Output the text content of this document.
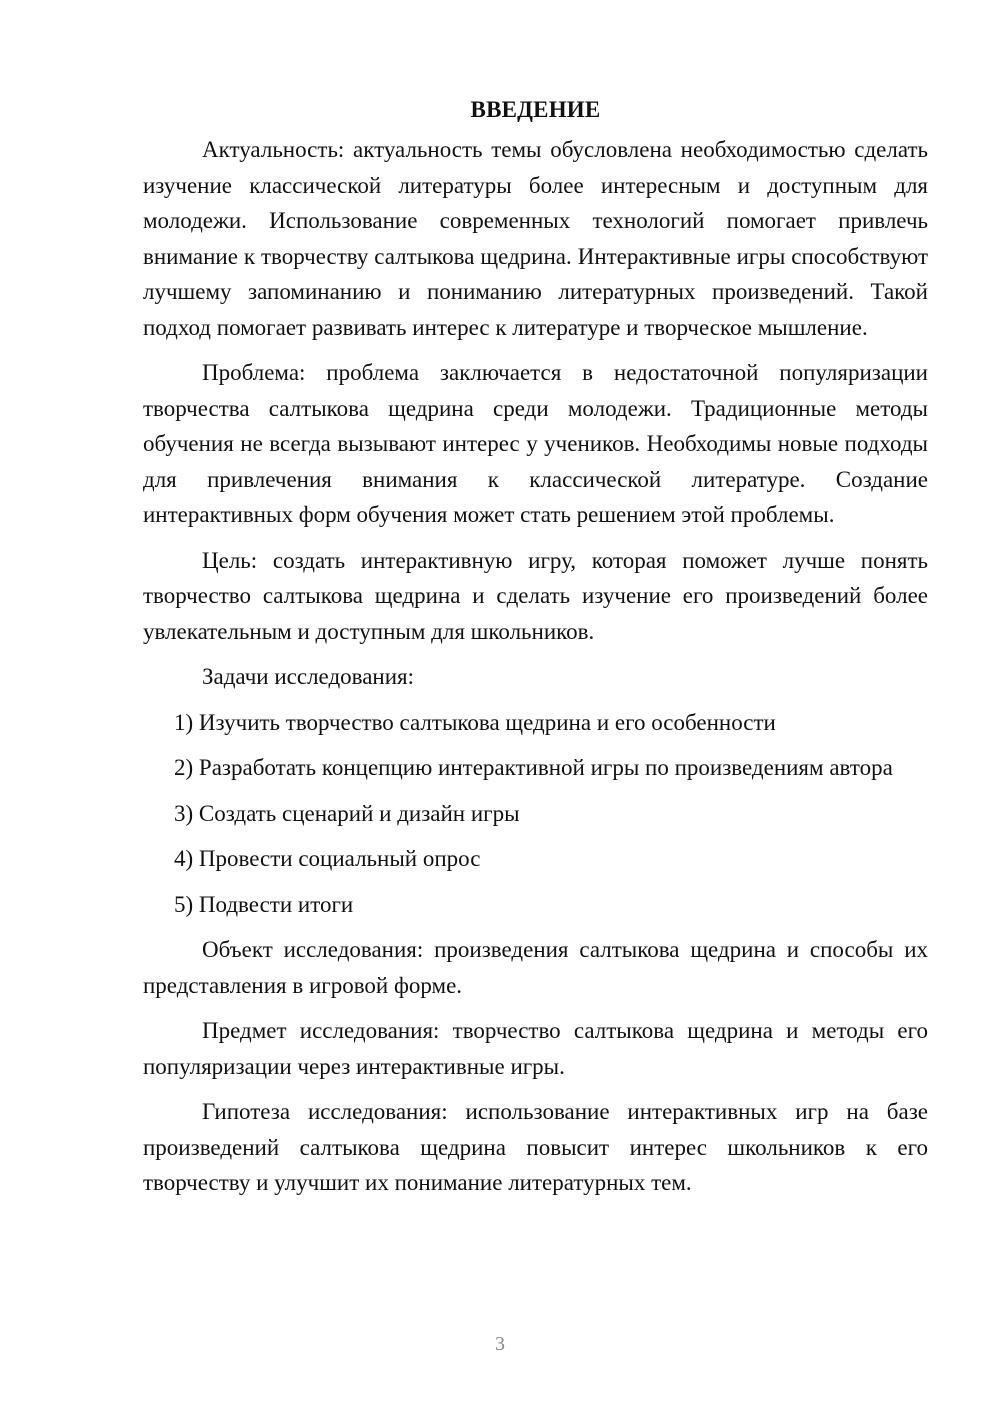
ВВЕДЕНИЕ

Актуальность: актуальность темы обусловлена необходимостью сделать изучение классической литературы более интересным и доступным для молодежи. Использование современных технологий помогает привлечь внимание к творчеству салтыкова щедрина. Интерактивные игры способствуют лучшему запоминанию и пониманию литературных произведений. Такой подход помогает развивать интерес к литературе и творческое мышление.

Проблема: проблема заключается в недостаточной популяризации творчества салтыкова щедрина среди молодежи. Традиционные методы обучения не всегда вызывают интерес у учеников. Необходимы новые подходы для привлечения внимания к классической литературе. Создание интерактивных форм обучения может стать решением этой проблемы.

Цель: создать интерактивную игру, которая поможет лучше понять творчество салтыкова щедрина и сделать изучение его произведений более увлекательным и доступным для школьников.

Задачи исследования:

1) Изучить творчество салтыкова щедрина и его особенности

2) Разработать концепцию интерактивной игры по произведениям автора

3) Создать сценарий и дизайн игры

4) Провести социальный опрос

5) Подвести итоги

Объект исследования: произведения салтыкова щедрина и способы их представления в игровой форме.

Предмет исследования: творчество салтыкова щедрина и методы его популяризации через интерактивные игры.

Гипотеза исследования: использование интерактивных игр на базе произведений салтыкова щедрина повысит интерес школьников к его творчеству и улучшит их понимание литературных тем.

3
